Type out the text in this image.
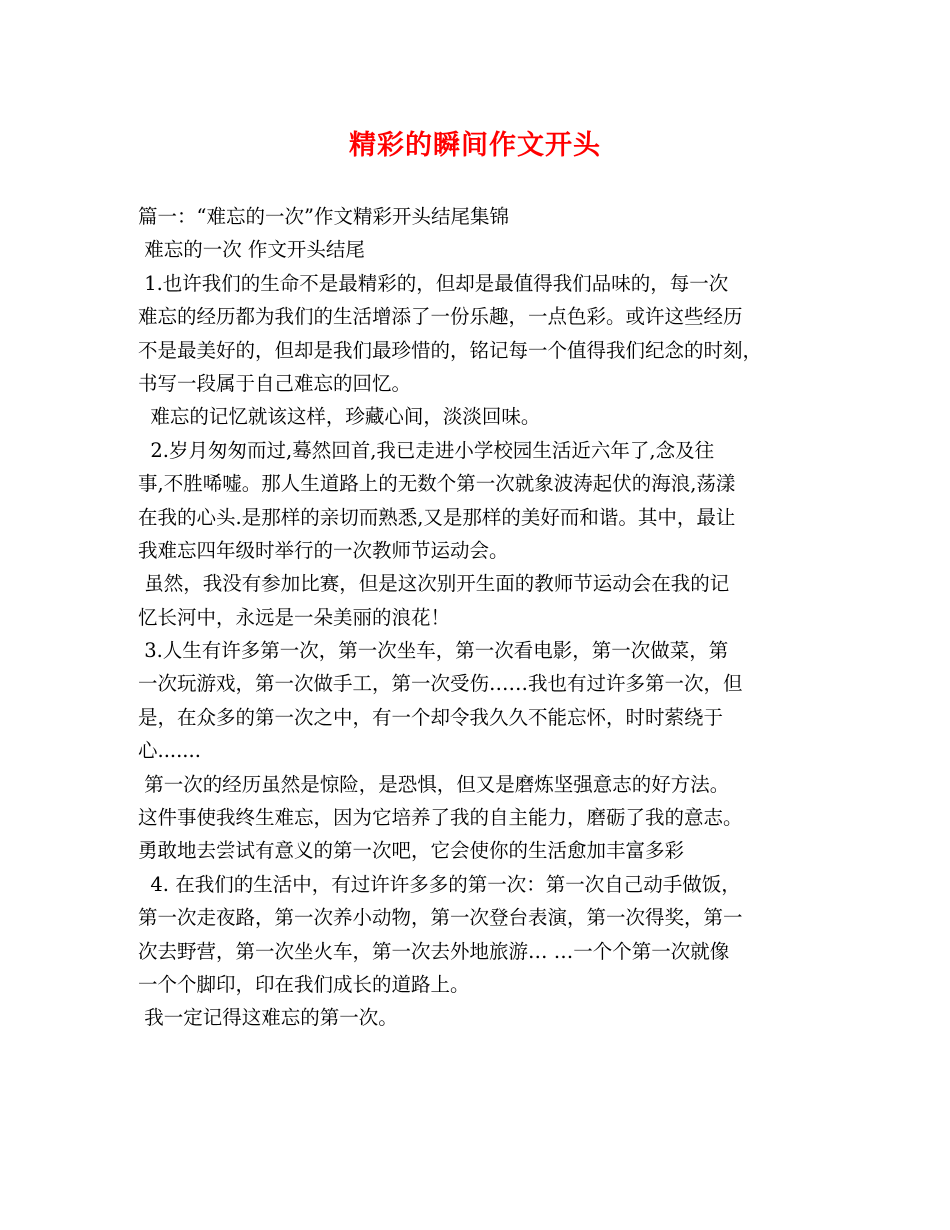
精彩的瞬间作文开头
篇一：“难忘的一次”作文精彩开头结尾集锦
难忘的一次 作文开头结尾
1.也许我们的生命不是最精彩的，但却是最值得我们品味的，每一次
难忘的经历都为我们的生活增添了一份乐趣，一点色彩。或许这些经历
不是最美好的，但却是我们最珍惜的，铭记每一个值得我们纪念的时刻，
书写一段属于自己难忘的回忆。
难忘的记忆就该这样，珍藏心间，淡淡回味。
2.岁月匆匆而过,蓦然回首,我已走进小学校园生活近六年了,念及往
事,不胜唏嘘。那人生道路上的无数个第一次就象波涛起伏的海浪,荡漾
在我的心头.是那样的亲切而熟悉,又是那样的美好而和谐。其中，最让
我难忘四年级时举行的一次教师节运动会。
虽然，我没有参加比赛，但是这次别开生面的教师节运动会在我的记
忆长河中，永远是一朵美丽的浪花！
3.人生有许多第一次，第一次坐车，第一次看电影，第一次做菜，第
一次玩游戏，第一次做手工，第一次受伤……我也有过许多第一次，但
是，在众多的第一次之中，有一个却令我久久不能忘怀，时时萦绕于
心.......
第一次的经历虽然是惊险，是恐惧，但又是磨炼坚强意志的好方法。
这件事使我终生难忘，因为它培养了我的自主能力，磨砺了我的意志。
勇敢地去尝试有意义的第一次吧，它会使你的生活愈加丰富多彩
4. 在我们的生活中，有过许许多多的第一次：第一次自己动手做饭，
第一次走夜路，第一次养小动物，第一次登台表演，第一次得奖，第一
次去野营，第一次坐火车，第一次去外地旅游… …一个个第一次就像
一个个脚印，印在我们成长的道路上。
我一定记得这难忘的第一次。
